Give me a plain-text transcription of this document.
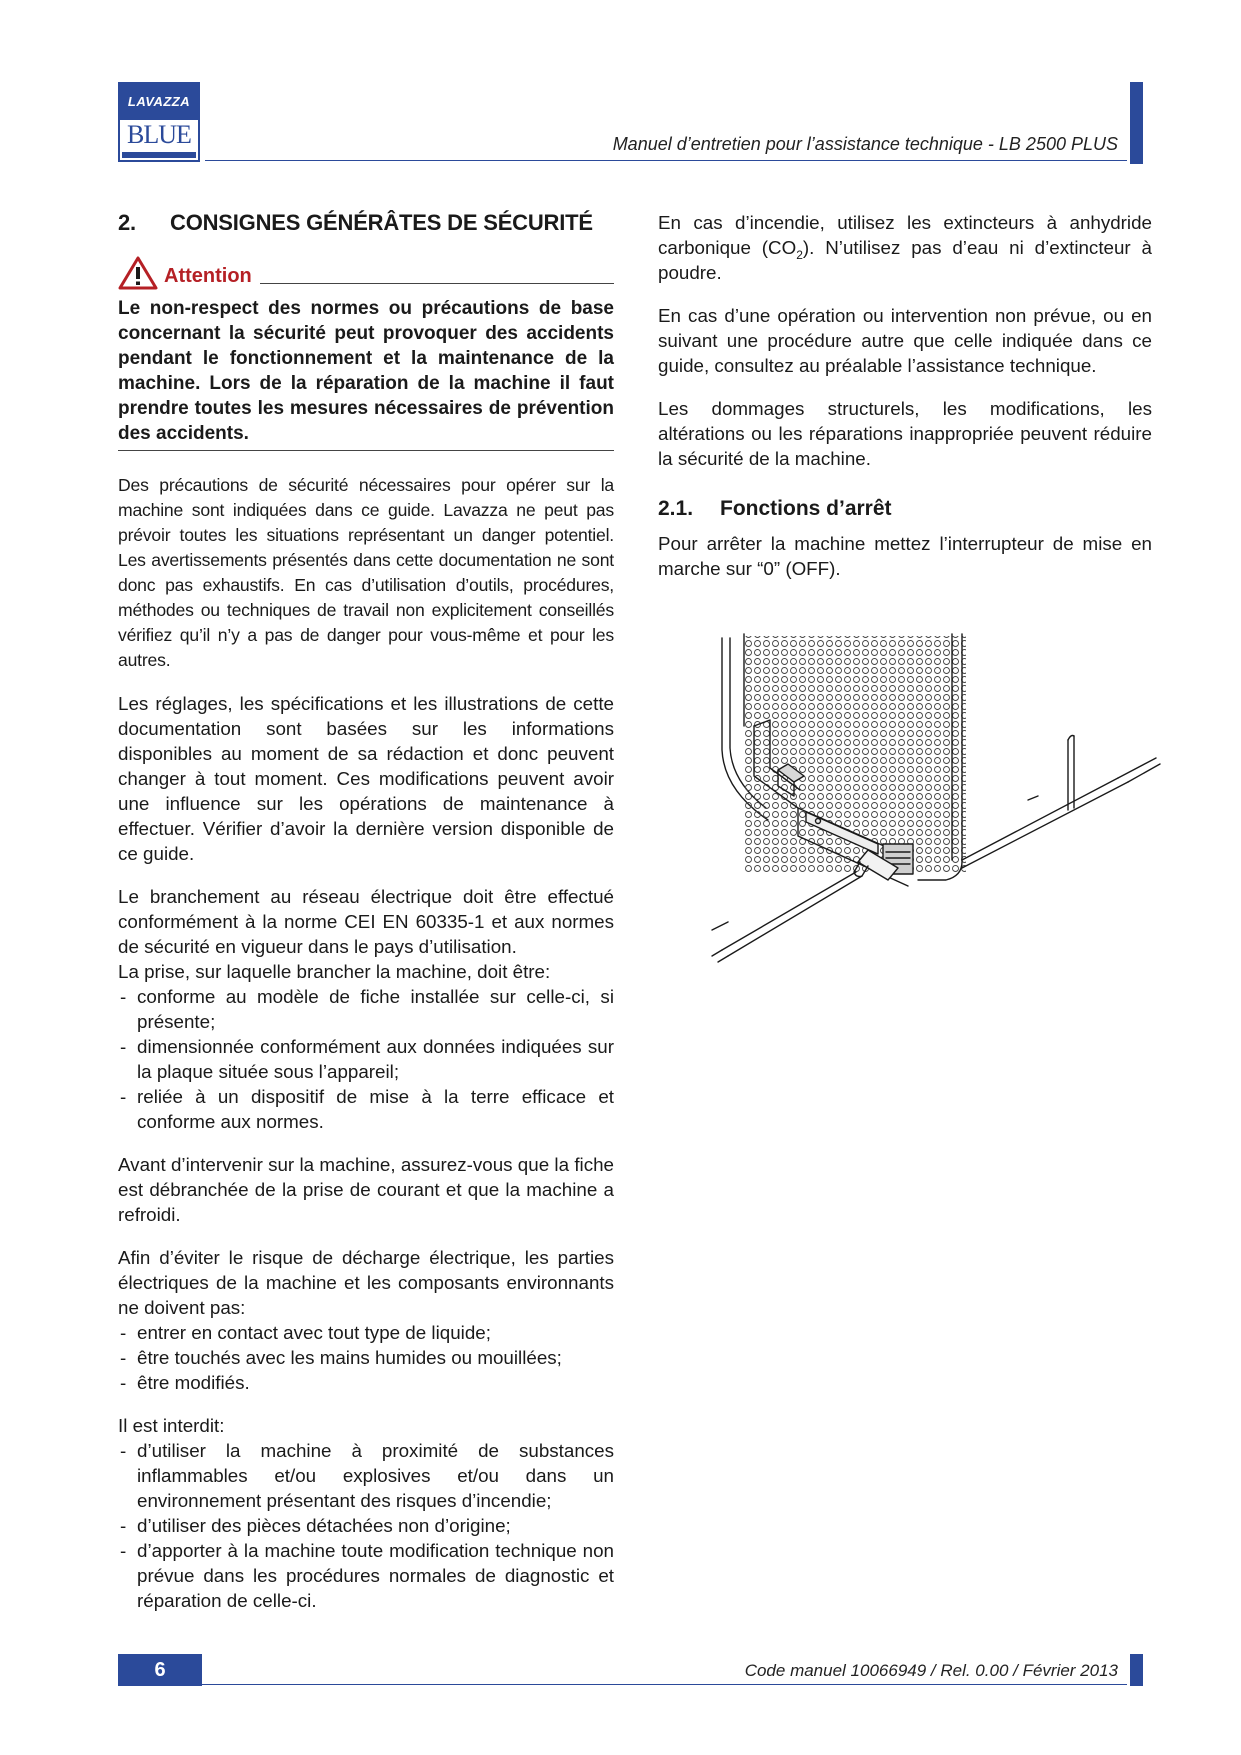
LAVAZZA
BLUE	Manuel d’entretien pour l’assistance technique - LB 2500 PLUS
2. CONSIGNES GÉNÉRÂTES DE SÉCURITÉ
Attention

Le non-respect des normes ou précautions de base concernant la sécurité peut provoquer des accidents pendant le fonctionnement et la maintenance de la machine. Lors de la réparation de la machine il faut prendre toutes les mesures nécessaires de prévention des accidents.

Des précautions de sécurité nécessaires pour opérer sur la machine sont indiquées dans ce guide. Lavazza ne peut pas prévoir toutes les situations représentant un danger potentiel. Les avertissements présentés dans cette documentation ne sont donc pas exhaustifs. En cas d’utilisation d’outils, procédures, méthodes ou techniques de travail non explicitement conseillés vérifiez qu’il n’y a pas de danger pour vous-même et pour les autres.

Les réglages, les spécifications et les illustrations de cette documentation sont basées sur les informations disponibles au moment de sa rédaction et donc peuvent changer à tout moment. Ces modifications peuvent avoir une influence sur les opérations de maintenance à effectuer. Vérifier d’avoir la dernière version disponible de ce guide.

Le branchement au réseau électrique doit être effectué conformément à la norme CEI EN 60335-1 et aux normes de sécurité en vigueur dans le pays d’utilisation.

La prise, sur laquelle brancher la machine, doit être:

- conforme au modèle de fiche installée sur celle-ci, si présente;
- dimensionnée conformément aux données indiquées sur la plaque située sous l’appareil;
- reliée à un dispositif de mise à la terre efficace et conforme aux normes.

Avant d’intervenir sur la machine, assurez-vous que la fiche est débranchée de la prise de courant et que la machine a refroidi.

Afin d’éviter le risque de décharge électrique, les parties électriques de la machine et les composants environnants ne doivent pas:

- entrer en contact avec tout type de liquide;
- être touchés avec les mains humides ou mouillées;
- être modifiés.

Il est interdit:

- d’utiliser la machine à proximité de substances inflammables et/ou explosives et/ou dans un environnement présentant des risques d’incendie;
- d’utiliser des pièces détachées non d’origine;
- d’apporter à la machine toute modification technique non prévue dans les procédures normales de diagnostic et réparation de celle-ci.

En cas d’incendie, utilisez les extincteurs à anhydride carbonique $(CO_2)$. N’utilisez pas d’eau ni d’extincteur à poudre.

En cas d’une opération ou intervention non prévue, ou en suivant une procédure autre que celle indiquée dans ce guide, consultez au préalable l’assistance technique.

Les dommages structurels, les modifications, les altérations ou les réparations inappropriée peuvent réduire la sécurité de la machine.

2.1. Fonctions d’arrêt

Pour arrêter la machine mettez l’interrupteur de mise en marche sur “0” (OFF).

6	Code manuel 10066949 / Rel. 0.00 / Février 2013
